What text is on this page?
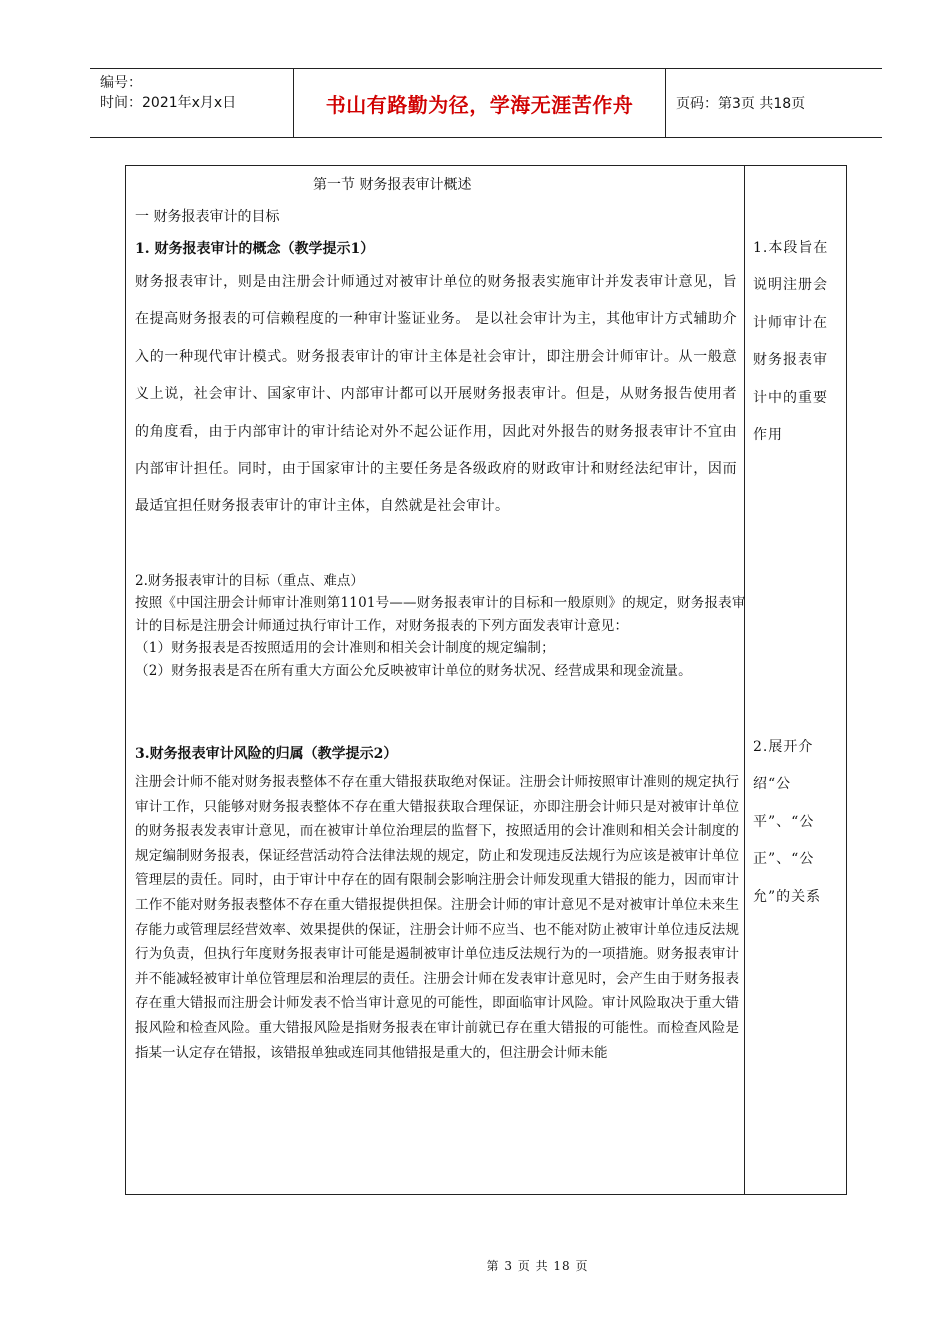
编号：
时间：2021年x月x日	书山有路勤为径，学海无涯苦作舟	页码：第3页 共18页
第一节 财务报表审计概述
一 财务报表审计的目标
1. 财务报表审计的概念（教学提示1）
财务报表审计，则是由注册会计师通过对被审计单位的财务报表实施审计并发表审计意见，旨在提高财务报表的可信赖程度的一种审计鉴证业务。 是以社会审计为主，其他审计方式辅助介入的一种现代审计模式。财务报表审计的审计主体是社会审计，即注册会计师审计。从一般意义上说，社会审计、国家审计、内部审计都可以开展财务报表审计。但是，从财务报告使用者的角度看，由于内部审计的审计结论对外不起公证作用，因此对外报告的财务报表审计不宜由内部审计担任。同时，由于国家审计的主要任务是各级政府的财政审计和财经法纪审计，因而最适宜担任财务报表审计的审计主体，自然就是社会审计。
2.财务报表审计的目标（重点、难点）
按照《中国注册会计师审计准则第1101号——财务报表审计的目标和一般原则》的规定，财务报表审计的目标是注册会计师通过执行审计工作，对财务报表的下列方面发表审计意见：
（1）财务报表是否按照适用的会计准则和相关会计制度的规定编制；
（2）财务报表是否在所有重大方面公允反映被审计单位的财务状况、经营成果和现金流量。
3.财务报表审计风险的归属（教学提示2）
注册会计师不能对财务报表整体不存在重大错报获取绝对保证。注册会计师按照审计准则的规定执行审计工作，只能够对财务报表整体不存在重大错报获取合理保证，亦即注册会计师只是对被审计单位的财务报表发表审计意见，而在被审计单位治理层的监督下，按照适用的会计准则和相关会计制度的规定编制财务报表，保证经营活动符合法律法规的规定，防止和发现违反法规行为应该是被审计单位管理层的责任。同时，由于审计中存在的固有限制会影响注册会计师发现重大错报的能力，因而审计工作不能对财务报表整体不存在重大错报提供担保。注册会计师的审计意见不是对被审计单位未来生存能力或管理层经营效率、效果提供的保证，注册会计师不应当、也不能对防止被审计单位违反法规行为负责，但执行年度财务报表审计可能是遏制被审计单位违反法规行为的一项措施。财务报表审计并不能减轻被审计单位管理层和治理层的责任。注册会计师在发表审计意见时，会产生由于财务报表存在重大错报而注册会计师发表不恰当审计意见的可能性，即面临审计风险。审计风险取决于重大错报风险和检查风险。重大错报风险是指财务报表在审计前就已存在重大错报的可能性。而检查风险是指某一认定存在错报，该错报单独或连同其他错报是重大的，但注册会计师未能
1.本段旨在说明注册会计师审计在财务报表审计中的重要作用
2.展开介绍“公平”、“公正”、“公允”的关系
第 3 页 共 18 页
